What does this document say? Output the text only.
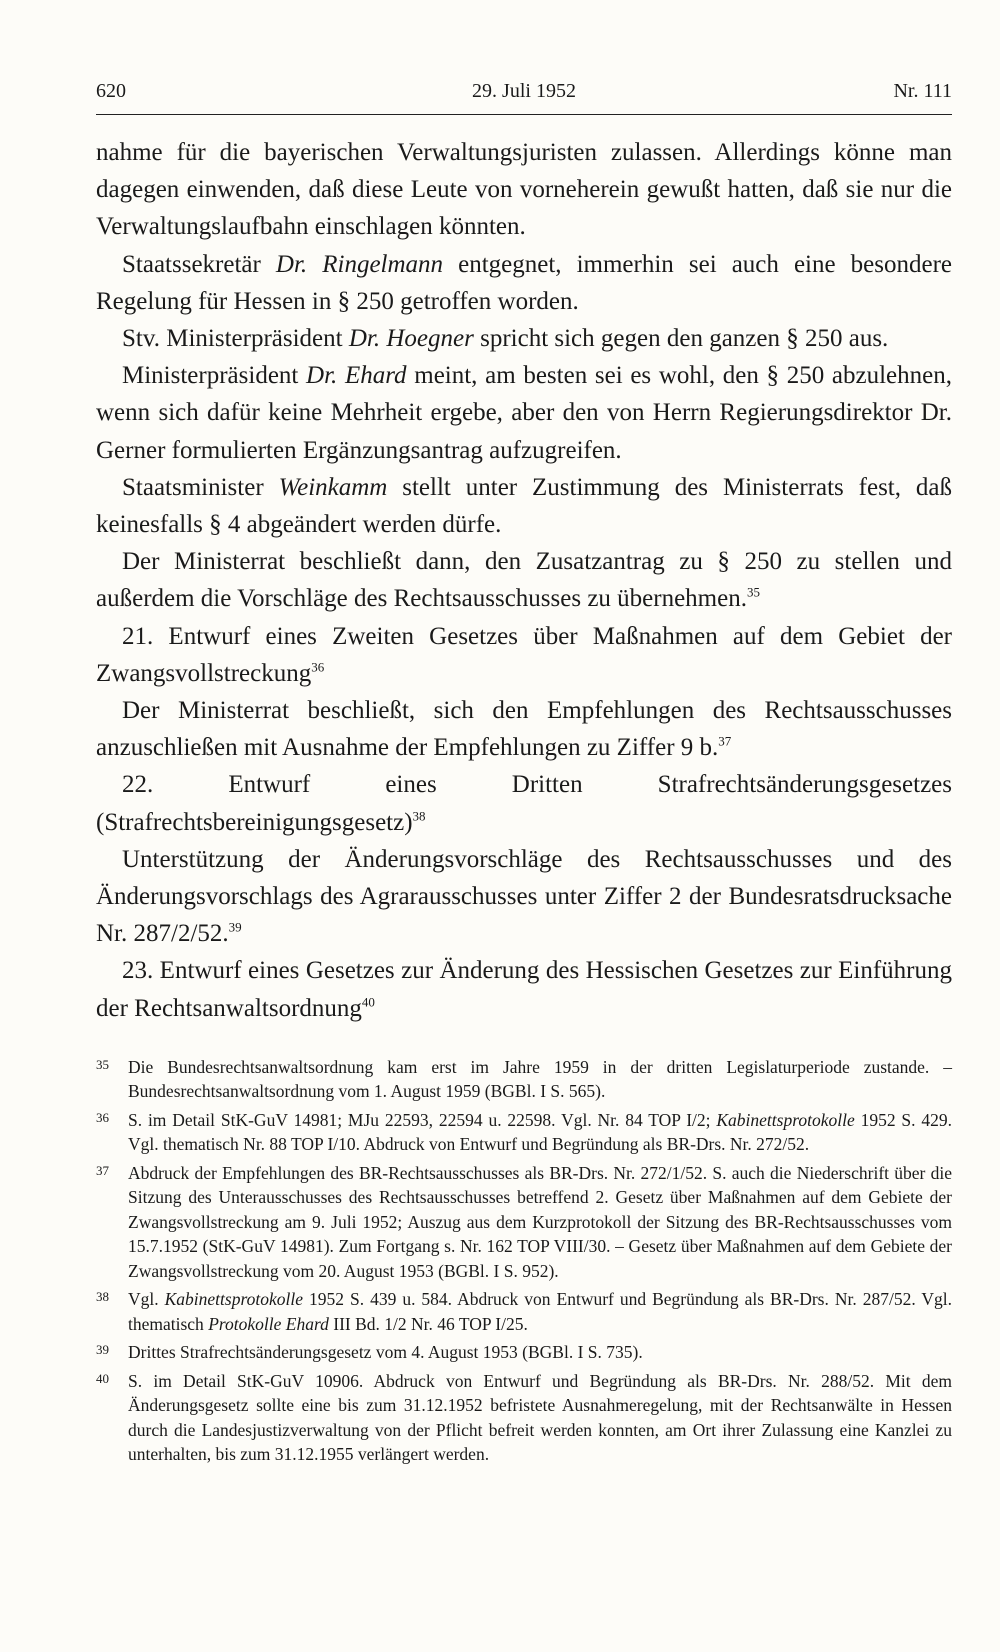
620	29. Juli 1952	Nr. 111

nahme für die bayerischen Verwaltungsjuristen zulassen. Allerdings könne man dagegen einwenden, daß diese Leute von vorneherein gewußt hatten, daß sie nur die Verwaltungslaufbahn einschlagen könnten.

Staatssekretär Dr. Ringelmann entgegnet, immerhin sei auch eine besondere Regelung für Hessen in § 250 getroffen worden.

Stv. Ministerpräsident Dr. Hoegner spricht sich gegen den ganzen § 250 aus.

Ministerpräsident Dr. Ehard meint, am besten sei es wohl, den § 250 abzulehnen, wenn sich dafür keine Mehrheit ergebe, aber den von Herrn Regierungsdirektor Dr. Gerner formulierten Ergänzungsantrag aufzugreifen.

Staatsminister Weinkamm stellt unter Zustimmung des Ministerrats fest, daß keinesfalls § 4 abgeändert werden dürfe.

Der Ministerrat beschließt dann, den Zusatzantrag zu § 250 zu stellen und außerdem die Vorschläge des Rechtsausschusses zu übernehmen.$^{35}$

21. Entwurf eines Zweiten Gesetzes über Maßnahmen auf dem Gebiet der Zwangsvollstreckung$^{36}$

Der Ministerrat beschließt, sich den Empfehlungen des Rechtsausschusses anzuschließen mit Ausnahme der Empfehlungen zu Ziffer 9 b.$^{37}$

22. Entwurf eines Dritten Strafrechtsänderungsgesetzes (Strafrechtsbereinigungsgesetz)$^{38}$

Unterstützung der Änderungsvorschläge des Rechtsausschusses und des Änderungsvorschlags des Agrarausschusses unter Ziffer 2 der Bundesratsdrucksache Nr. 287/2/52.39

23. Entwurf eines Gesetzes zur Änderung des Hessischen Gesetzes zur Einführung der Rechtsanwaltsordnung$^{40}$

35 Die Bundesrechtsanwaltsordnung kam erst im Jahre 1959 in der dritten Legislaturperiode zustande. – Bundesrechtsanwaltsordnung vom 1. August 1959 (BGBl. I S. 565).
36 S. im Detail StK-GuV 14981; MJu 22593, 22594 u. 22598. Vgl. Nr. 84 TOP I/2; Kabinettsprotokolle 1952 S. 429. Vgl. thematisch Nr. 88 TOP I/10. Abdruck von Entwurf und Begründung als BR-Drs. Nr. 272/52.
37 Abdruck der Empfehlungen des BR-Rechtsausschusses als BR-Drs. Nr. 272/1/52. S. auch die Niederschrift über die Sitzung des Unterausschusses des Rechtsausschusses betreffend 2. Gesetz über Maßnahmen auf dem Gebiete der Zwangsvollstreckung am 9. Juli 1952; Auszug aus dem Kurzprotokoll der Sitzung des BR-Rechtsausschusses vom 15.7.1952 (StK-GuV 14981). Zum Fortgang s. Nr. 162 TOP VIII/30. – Gesetz über Maßnahmen auf dem Gebiete der Zwangsvollstreckung vom 20. August 1953 (BGBl. I S. 952).
38 Vgl. Kabinettsprotokolle 1952 S. 439 u. 584. Abdruck von Entwurf und Begründung als BR-Drs. Nr. 287/52. Vgl. thematisch Protokolle Ehard III Bd. 1/2 Nr. 46 TOP I/25.
39 Drittes Strafrechtsänderungsgesetz vom 4. August 1953 (BGBl. I S. 735).
40 S. im Detail StK-GuV 10906. Abdruck von Entwurf und Begründung als BR-Drs. Nr. 288/52. Mit dem Änderungsgesetz sollte eine bis zum 31.12.1952 befristete Ausnahmeregelung, mit der Rechtsanwälte in Hessen durch die Landesjustizverwaltung von der Pflicht befreit werden konnten, am Ort ihrer Zulassung eine Kanzlei zu unterhalten, bis zum 31.12.1955 verlängert werden.
